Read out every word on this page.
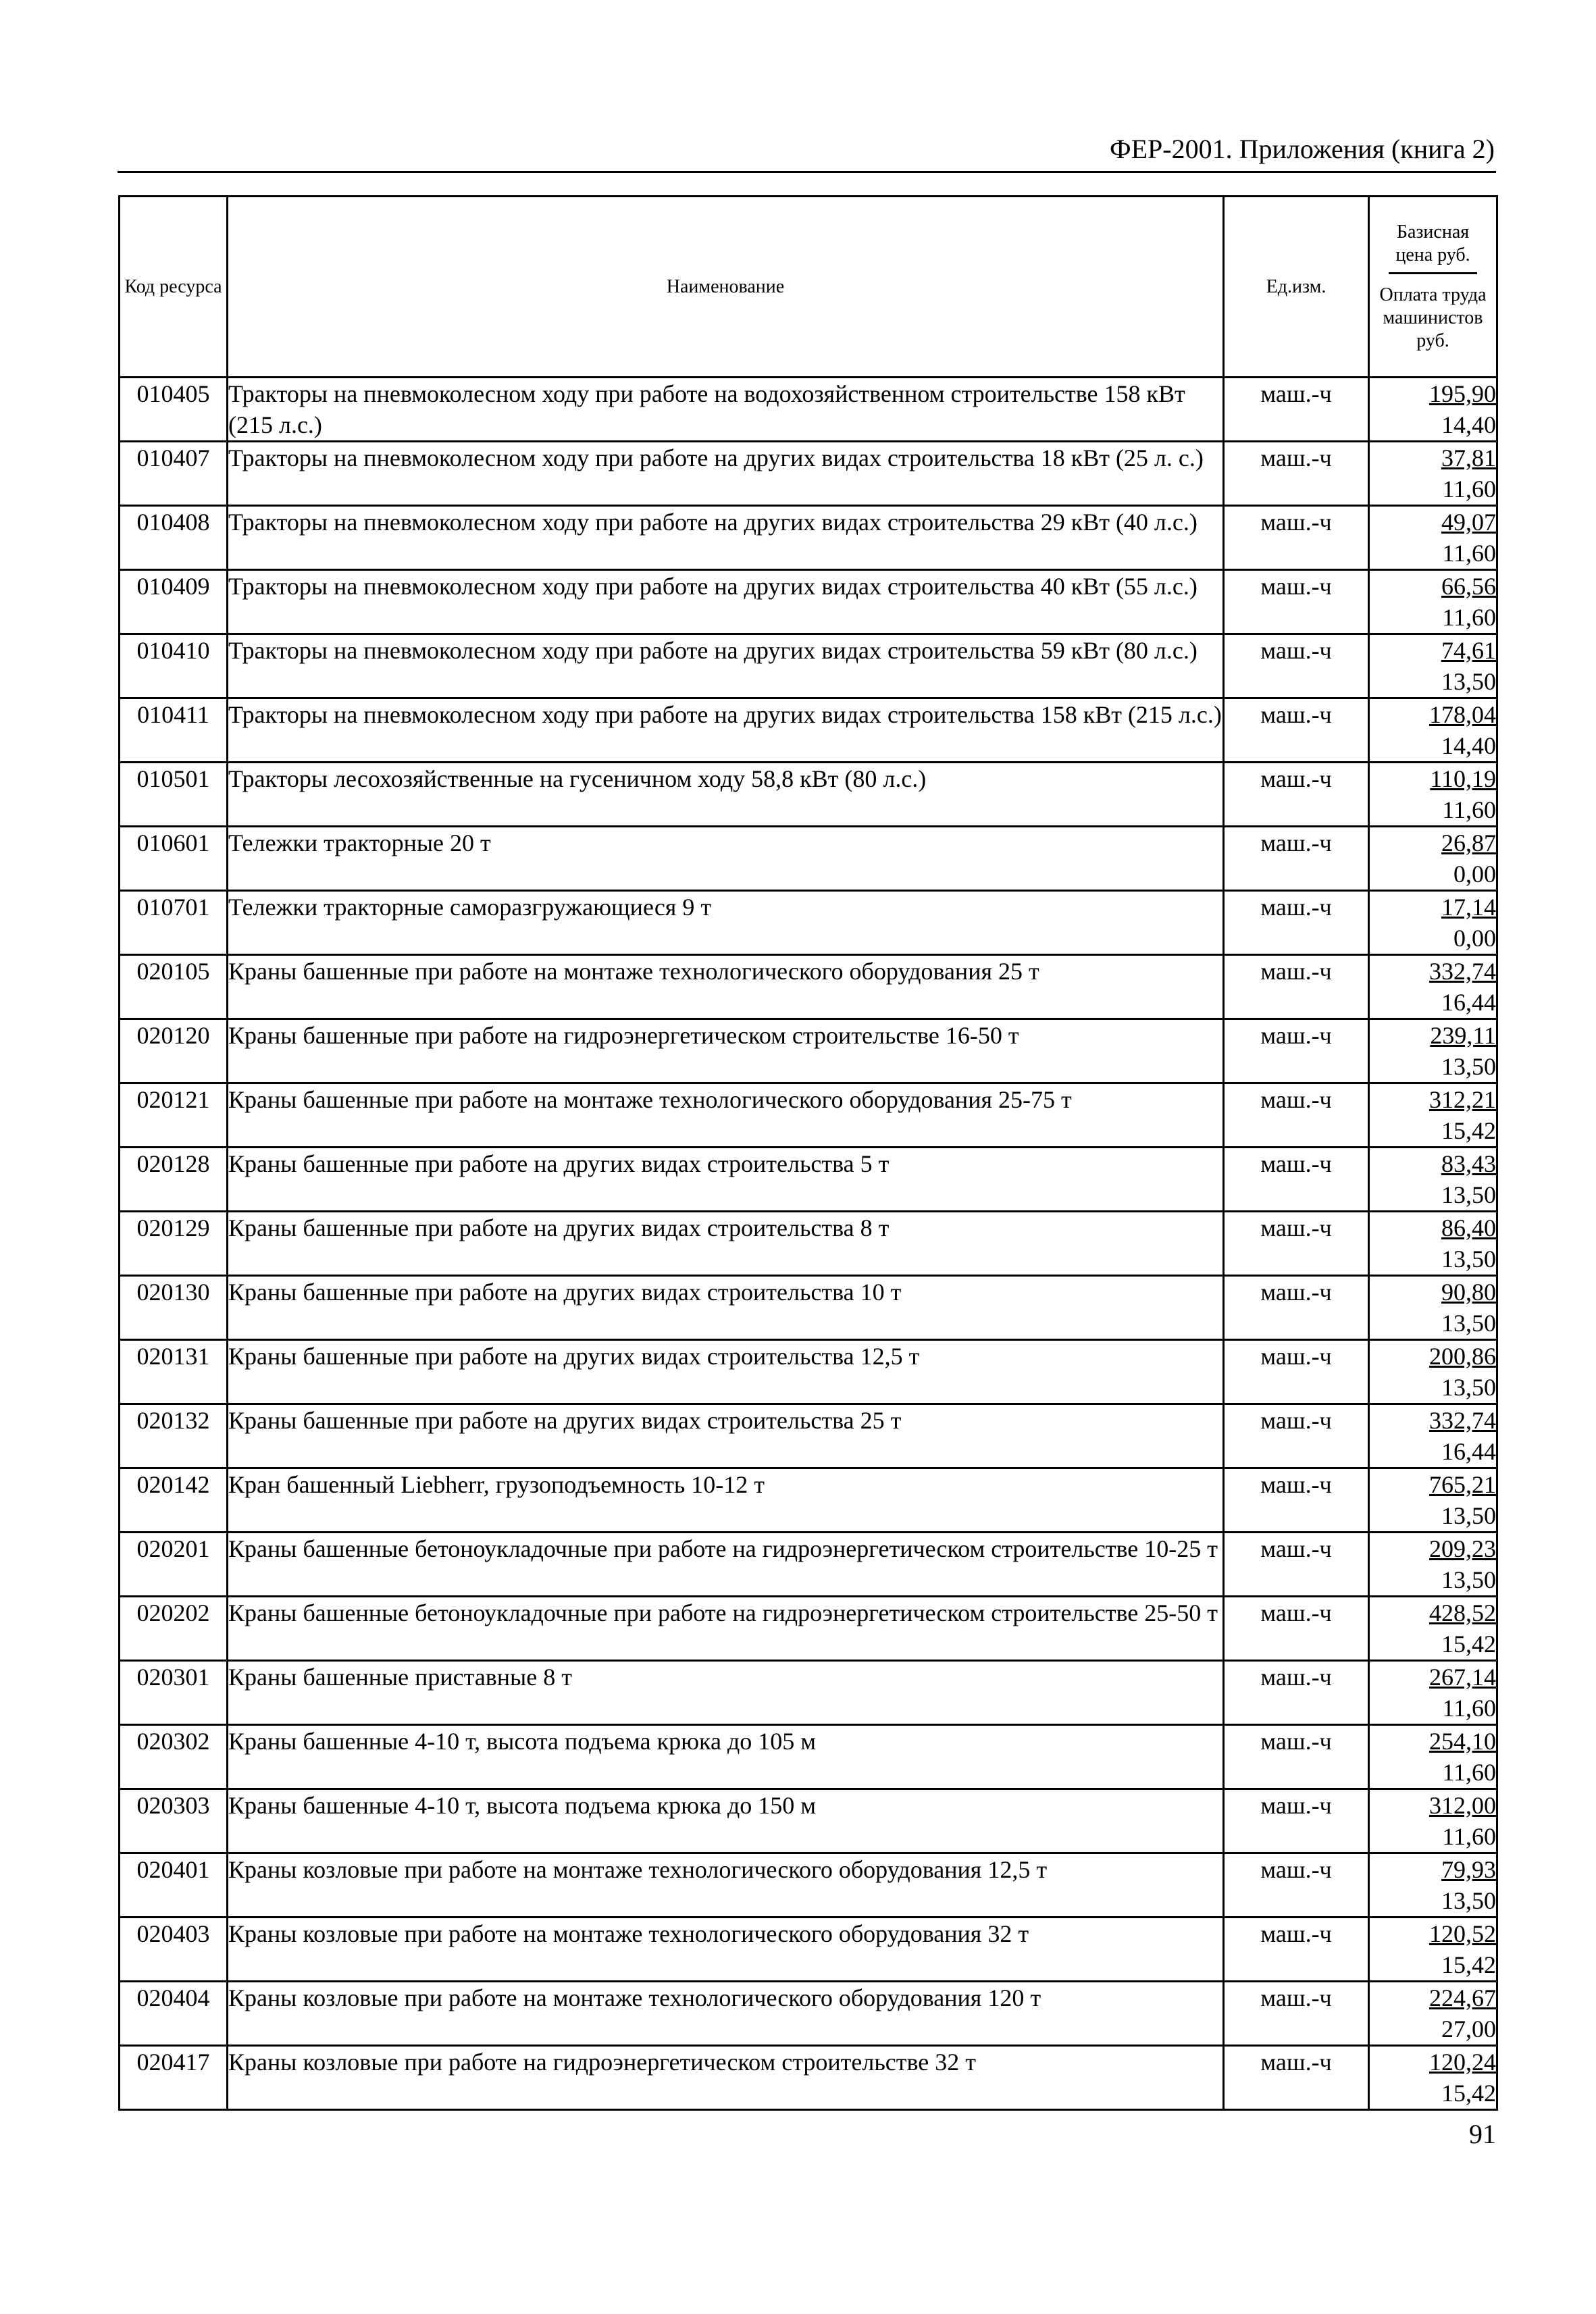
ФЕР-2001. Приложения (книга 2)
Код ресурса	Наименование	Ед.изм.	Базисная цена руб.
Оплата труда машинистов руб.

010405	Тракторы на пневмоколесном ходу при работе на водохозяйственном строительстве 158 кВт (215 л.с.)	маш.-ч	195,90
14,40

010407	Тракторы на пневмоколесном ходу при работе на других видах строительства 18 кВт (25 л. с.)	маш.-ч	37,81
11,60

010408	Тракторы на пневмоколесном ходу при работе на других видах строительства 29 кВт (40 л.с.)	маш.-ч	49,07
11,60

010409	Тракторы на пневмоколесном ходу при работе на других видах строительства 40 кВт (55 л.с.)	маш.-ч	66,56
11,60

010410	Тракторы на пневмоколесном ходу при работе на других видах строительства 59 кВт (80 л.с.)	маш.-ч	74,61
13,50

010411	Тракторы на пневмоколесном ходу при работе на других видах строительства 158 кВт (215 л.с.)	маш.-ч	178,04
14,40

010501	Тракторы лесохозяйственные на гусеничном ходу 58,8 кВт (80 л.с.)	маш.-ч	110,19
11,60

010601	Тележки тракторные 20 т	маш.-ч	26,87
0,00

010701	Тележки тракторные саморазгружающиеся 9 т	маш.-ч	17,14
0,00

020105	Краны башенные при работе на монтаже технологического оборудования 25 т	маш.-ч	332,74
16,44

020120	Краны башенные при работе на гидроэнергетическом строительстве 16-50 т	маш.-ч	239,11
13,50

020121	Краны башенные при работе на монтаже технологического оборудования 25-75 т	маш.-ч	312,21
15,42

020128	Краны башенные при работе на других видах строительства 5 т	маш.-ч	83,43
13,50

020129	Краны башенные при работе на других видах строительства 8 т	маш.-ч	86,40
13,50

020130	Краны башенные при работе на других видах строительства 10 т	маш.-ч	90,80
13,50

020131	Краны башенные при работе на других видах строительства 12,5 т	маш.-ч	200,86
13,50

020132	Краны башенные при работе на других видах строительства 25 т	маш.-ч	332,74
16,44

020142	Кран башенный Liebherr, грузоподъемность 10-12 т	маш.-ч	765,21
13,50

020201	Краны башенные бетоноукладочные при работе на гидроэнергетическом строительстве 10-25 т	маш.-ч	209,23
13,50

020202	Краны башенные бетоноукладочные при работе на гидроэнергетическом строительстве 25-50 т	маш.-ч	428,52
15,42

020301	Краны башенные приставные 8 т	маш.-ч	267,14
11,60

020302	Краны башенные 4-10 т, высота подъема крюка до 105 м	маш.-ч	254,10
11,60

020303	Краны башенные 4-10 т, высота подъема крюка до 150 м	маш.-ч	312,00
11,60

020401	Краны козловые при работе на монтаже технологического оборудования 12,5 т	маш.-ч	79,93
13,50

020403	Краны козловые при работе на монтаже технологического оборудования 32 т	маш.-ч	120,52
15,42

020404	Краны козловые при работе на монтаже технологического оборудования 120 т	маш.-ч	224,67
27,00

020417	Краны козловые при работе на гидроэнергетическом строительстве 32 т	маш.-ч	120,24
15,42
91
